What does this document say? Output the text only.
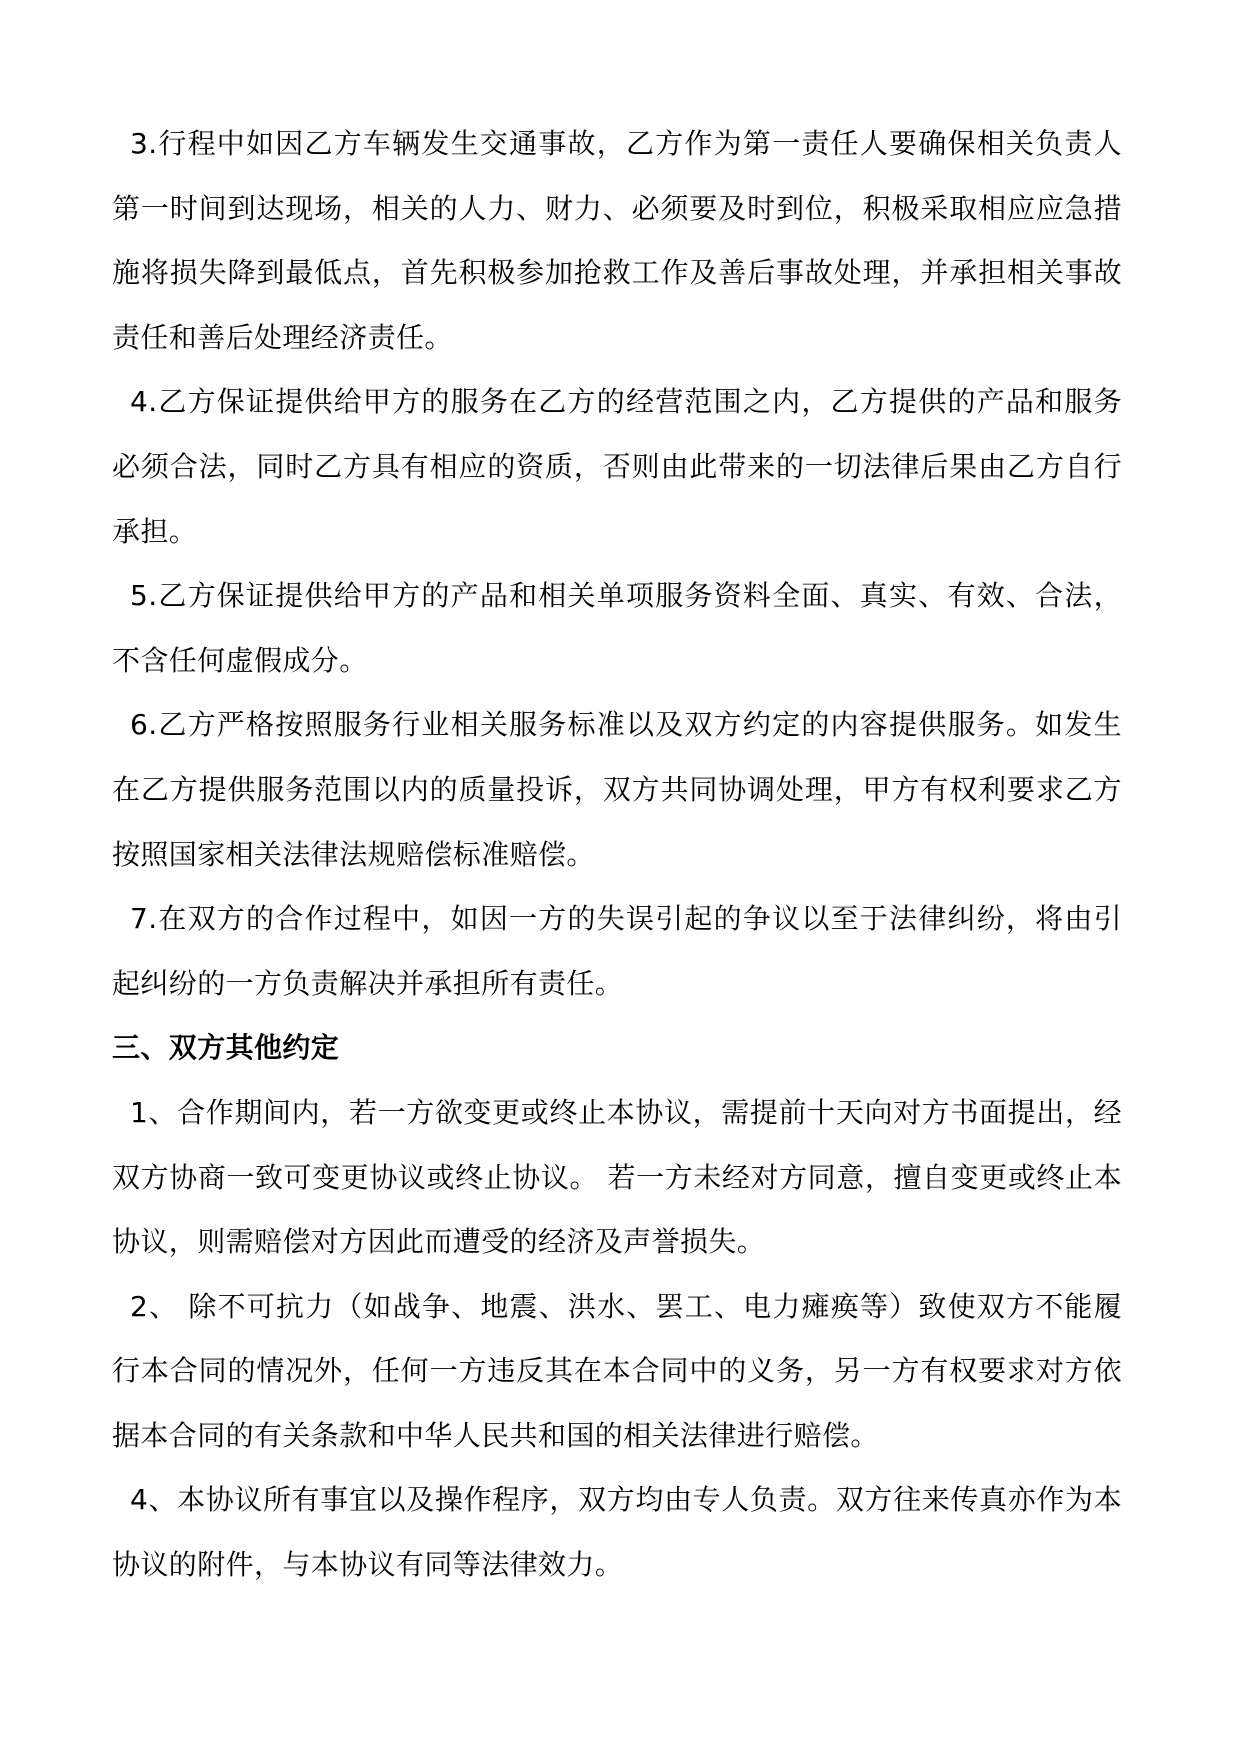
3.行程中如因乙方车辆发生交通事故，乙方作为第一责任人要确保相关负责人第一时间到达现场，相关的人力、财力、必须要及时到位，积极采取相应应急措施将损失降到最低点，首先积极参加抢救工作及善后事故处理，并承担相关事故责任和善后处理经济责任。

4.乙方保证提供给甲方的服务在乙方的经营范围之内，乙方提供的产品和服务必须合法，同时乙方具有相应的资质，否则由此带来的一切法律后果由乙方自行承担。

5.乙方保证提供给甲方的产品和相关单项服务资料全面、真实、有效、合法，不含任何虚假成分。

6.乙方严格按照服务行业相关服务标准以及双方约定的内容提供服务。如发生在乙方提供服务范围以内的质量投诉，双方共同协调处理，甲方有权利要求乙方按照国家相关法律法规赔偿标准赔偿。

7.在双方的合作过程中，如因一方的失误引起的争议以至于法律纠纷，将由引起纠纷的一方负责解决并承担所有责任。

三、双方其他约定

1、合作期间内，若一方欲变更或终止本协议，需提前十天向对方书面提出，经双方协商一致可变更协议或终止协议。 若一方未经对方同意，擅自变更或终止本协议，则需赔偿对方因此而遭受的经济及声誉损失。

2、 除不可抗力（如战争、地震、洪水、罢工、电力瘫痪等）致使双方不能履行本合同的情况外，任何一方违反其在本合同中的义务，另一方有权要求对方依据本合同的有关条款和中华人民共和国的相关法律进行赔偿。

4、本协议所有事宜以及操作程序，双方均由专人负责。双方往来传真亦作为本协议的附件，与本协议有同等法律效力。
